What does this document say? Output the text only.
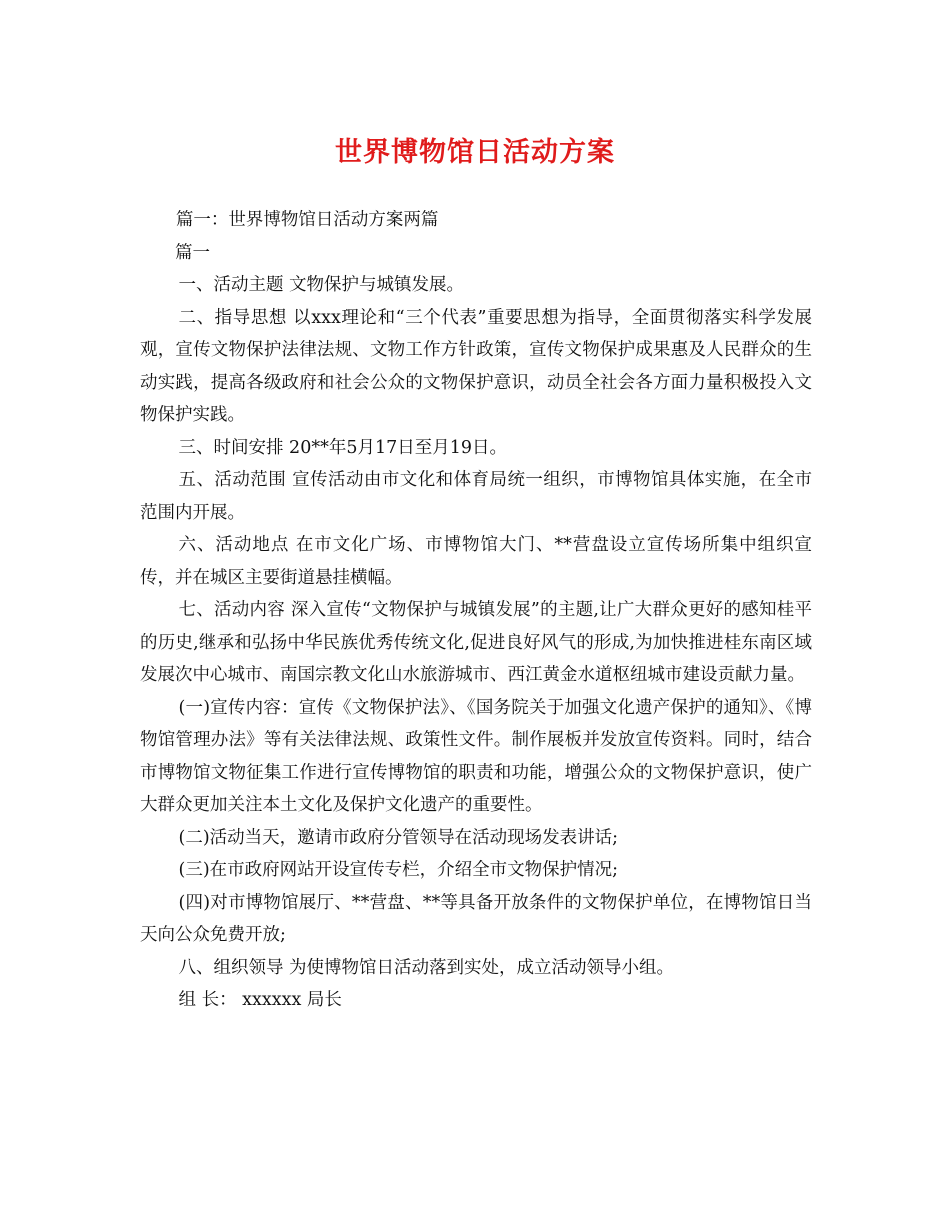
世界博物馆日活动方案

篇一：世界博物馆日活动方案两篇

篇一

一、活动主题 文物保护与城镇发展。

二、指导思想 以xxx理论和“三个代表”重要思想为指导，全面贯彻落实科学发展观，宣传文物保护法律法规、文物工作方针政策，宣传文物保护成果惠及人民群众的生动实践，提高各级政府和社会公众的文物保护意识，动员全社会各方面力量积极投入文物保护实践。

三、时间安排 20**年5月17日至月19日。

五、活动范围 宣传活动由市文化和体育局统一组织，市博物馆具体实施，在全市范围内开展。

六、活动地点 在市文化广场、市博物馆大门、**营盘设立宣传场所集中组织宣传，并在城区主要街道悬挂横幅。

七、活动内容 深入宣传“文物保护与城镇发展”的主题,让广大群众更好的感知桂平的历史,继承和弘扬中华民族优秀传统文化,促进良好风气的形成,为加快推进桂东南区域发展次中心城市、南国宗教文化山水旅游城市、西江黄金水道枢纽城市建设贡献力量。

(一)宣传内容：宣传《文物保护法》、《国务院关于加强文化遗产保护的通知》、《博物馆管理办法》等有关法律法规、政策性文件。制作展板并发放宣传资料。同时，结合市博物馆文物征集工作进行宣传博物馆的职责和功能，增强公众的文物保护意识，使广大群众更加关注本土文化及保护文化遗产的重要性。

(二)活动当天，邀请市政府分管领导在活动现场发表讲话;

(三)在市政府网站开设宣传专栏，介绍全市文物保护情况;

(四)对市博物馆展厅、**营盘、**等具备开放条件的文物保护单位，在博物馆日当天向公众免费开放;

八、组织领导 为使博物馆日活动落到实处，成立活动领导小组。

组 长： xxxxxx 局长
